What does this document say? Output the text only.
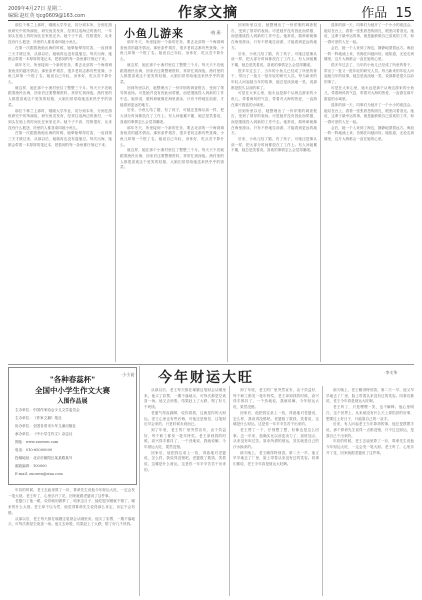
2009年4月27日 星期二
编辑:赵红英 tjcg0609@163.com	作家文摘	作品 15

那位个林兰上那时，刚刚大学毕业，初分到本所，分到在游鱼研究中的所副组，研究鱼类发育，经常往返海边的渔村，一年到头在船上的时间比在家里还多。她个子不高，性格很好，从来没有什么抱怨，所里的人都喜欢叫她小鱼儿。

在第一次跟着渔船出海的时候，她晕船晕得厉害，一直到第三天才缓过来，从那以后，她就再也没有退缩过。每次出海，她都会带着一本厚厚的笔记本，把看到的每一条鱼都仔细记下来。

那年冬天，所里接到一个新的任务，要去北部的一个海湾调查鱼类的越冬情况。那里条件艰苦，很多老同志都有些犹豫，小鱼儿却第一个报了名。她说自己年轻，身体好，吃点苦不算什么。

就这样，她在那个小渔村里住了整整三个月。每天天不亮就跟着渔民出海，回来后还要整理资料，常常忙到深夜。渔村里的人都很喜欢这个爱笑的姑娘，大娘们常常给她送来热乎乎的饭菜。

那位个林兰上那时，刚刚大学毕业，初分到本所，分到在游鱼研究中的所副组，研究鱼类发育，经常往返海边的渔村，一年到头在船上的时间比在家里还多。她个子不高，性格很好，从来没有什么抱怨，所里的人都喜欢叫她小鱼儿。

在第一次跟着渔船出海的时候，她晕船晕得厉害，一直到第三天才缓过来，从那以后，她就再也没有退缩过。每次出海，她都会带着一本厚厚的笔记本，把看到的每一条鱼都仔细记下来。

小鱼儿游来	·晓 燕·

那年冬天，所里接到一个新的任务，要去北部的一个海湾调查鱼类的越冬情况。那里条件艰苦，很多老同志都有些犹豫，小鱼儿却第一个报了名。她说自己年轻，身体好，吃点苦不算什么。

就这样，她在那个小渔村里住了整整三个月。每天天不亮就跟着渔民出海，回来后还要整理资料，常常忙到深夜。渔村里的人都很喜欢这个爱笑的姑娘，大娘们常常给她送来热乎乎的饭菜。

回到所里以后，她整理出了一份详细的调查报告，受到了领导的表扬。可是她并没有因此而骄傲，而是继续投入到新的工作中去。她常说，做科研就像在海里游泳，只有不停地往前游，才能看到更远的地方。

后来，小鱼儿结了婚，有了孩子，可她还是像从前一样，把大部分时间都放在了工作上。有人问她累不累，她总是笑着说，喜欢的事情怎么会觉得累呢。

那年冬天，所里接到一个新的任务，要去北部的一个海湾调查鱼类的越冬情况。那里条件艰苦，很多老同志都有些犹豫，小鱼儿却第一个报了名。她说自己年轻，身体好，吃点苦不算什么。

就这样，她在那个小渔村里住了整整三个月。每天天不亮就跟着渔民出海，回来后还要整理资料，常常忙到深夜。渔村里的人都很喜欢这个爱笑的姑娘，大娘们常常给她送来热乎乎的饭菜。

回到所里以后，她整理出了一份详细的调查报告，受到了领导的表扬。可是她并没有因此而骄傲，而是继续投入到新的工作中去。她常说，做科研就像在海里游泳，只有不停地往前游，才能看到更远的地方。

后来，小鱼儿结了婚，有了孩子，可她还是像从前一样，把大部分时间都放在了工作上。有人问她累不累，她总是笑着说，喜欢的事情怎么会觉得累呢。

很多年过去了，当年的小鱼儿已经成了所里的骨干，带出了一批又一批年轻的研究人员。每当新来的年轻人问起她当年的故事，她总是淡淡地一笑，说那都是很久以前的事了。

可是在大家心里，她永远是那个从海边游来的小鱼儿，带着海风的气息，带着对大海的热爱，一直游在那片蔚蓝的水域里。

回到所里以后，她整理出了一份详细的调查报告，受到了领导的表扬。可是她并没有因此而骄傲，而是继续投入到新的工作中去。她常说，做科研就像在海里游泳，只有不停地往前游，才能看到更远的地方。

后来，小鱼儿结了婚，有了孩子，可她还是像从前一样，把大部分时间都放在了工作上。有人问她累不累，她总是笑着说，喜欢的事情怎么会觉得累呢。

退休的那一天，同事们为她开了一个小小的欢送会。她站在台上，看着一张张熟悉的面孔，眼里闪着泪光。她说，这辈子最幸运的事，就是能够做自己喜欢的工作，和一群可爱的人在一起。

会后，她一个人来到了海边，静静地望着远方。海浪一阵一阵地涌上来，仿佛在向她问好。她知道，无论走到哪里，这片大海都会一直在她的心里。

很多年过去了，当年的小鱼儿已经成了所里的骨干，带出了一批又一批年轻的研究人员。每当新来的年轻人问起她当年的故事，她总是淡淡地一笑，说那都是很久以前的事了。

可是在大家心里，她永远是那个从海边游来的小鱼儿，带着海风的气息，带着对大海的热爱，一直游在那片蔚蓝的水域里。

退休的那一天，同事们为她开了一个小小的欢送会。她站在台上，看着一张张熟悉的面孔，眼里闪着泪光。她说，这辈子最幸运的事，就是能够做自己喜欢的工作，和一群可爱的人在一起。

会后，她一个人来到了海边，静静地望着远方。海浪一阵一阵地涌上来，仿佛在向她问好。她知道，无论走到哪里，这片大海都会一直在她的心里。

"各种春蕊杯"
全国中小学生作文大赛
入围作品展
主办单位：中国作家协会少儿文学委员会
主办单位：《作家文摘》报社
协办单位：全国各省市少年儿童出版社
承办单位：《中小学生作文》杂志社
网址：www.zuowen.com
电话：010-65000000
投稿地址：北京市朝阳区某某路某号
邮政编码：100000
E-mail: zuowen@sina.com

年初的时候，老王去庙里算了一卦，算命先生说他今年财运大旺，一定会发一笔大财。老王听了，心里乐开了花，回家就跟老婆说了这件事。

老婆白了他一眼，说你就别做梦了，咱家这日子，能吃饱穿暖就不错了，哪来的什么大财。老王却不以为然，他觉得算命先生说得那么肯定，肯定不会有错。

从那以后，老王每天都在琢磨这笔财会从哪里来。他买了彩票，一期不落地买，可每次都是空欢喜一场。他又去炒股，结果赶上了大跌，赔了好几千块钱。

·小小说· 今年财运大旺	·李支华·

从那以后，老王每天都在琢磨这笔财会从哪里来。他买了彩票，一期不落地买，可每次都是空欢喜一场。他又去炒股，结果赶上了大跌，赔了好几千块钱。

老婆气得直跺脚，说你看看，这就是你的大财运。老王心里也有些后悔，可他还是相信，这笔财迟早会来的，只是时候未到而已。

到了年底，老王的厂里突然宣布，由于效益好，每个职工都发一笔年终奖。老王拿到钱的时候，高兴得手都抖了，一个劲地说，我就说嘛，今年财运大旺，果然没错。

回家后，他把钱往桌上一放，得意地对老婆说，怎么样，我说得没错吧。老婆数了数钱，笑着说，这哪是什么财运，这是你一年辛辛苦苦干出来的。

到了年底，老王的厂里突然宣布，由于效益好，每个职工都发一笔年终奖。老王拿到钱的时候，高兴得手都抖了，一个劲地说，我就说嘛，今年财运大旺，果然没错。

回家后，他把钱往桌上一放，得意地对老婆说，怎么样，我说得没错吧。老婆数了数钱，笑着说，这哪是什么财运，这是你一年辛辛苦苦干出来的。

老王愣了一下，仔细想了想，好像也是这么回事。这一年来，他确实比以前更卖力了，加班加点，从来没有叫过苦。原来所谓的财运，其实就是自己的汗水换来的。

那天晚上，老王睡得特别香。第二天一早，他又早早地去了厂里，脸上带着从来没有过的笑容。同事们都说，老王今年真是财运大旺啊。

那天晚上，老王睡得特别香。第二天一早，他又早早地去了厂里，脸上带着从来没有过的笑容。同事们都说，老王今年真是财运大旺啊。

老王听了，只是嘿嘿一笑，也不解释。他心里明白，这个世界上，从来就没有什么天上掉馅饼的好事，想要过上好日子，只能靠自己的一双手。

后来，有人问起老王当年算命的事，他总是摆摆手说，那个算命先生说得一点都没错，只不过这财运，是我自己干出来的。

年初的时候，老王去庙里算了一卦，算命先生说他今年财运大旺，一定会发一笔大财。老王听了，心里乐开了花，回家就跟老婆说了这件事。
